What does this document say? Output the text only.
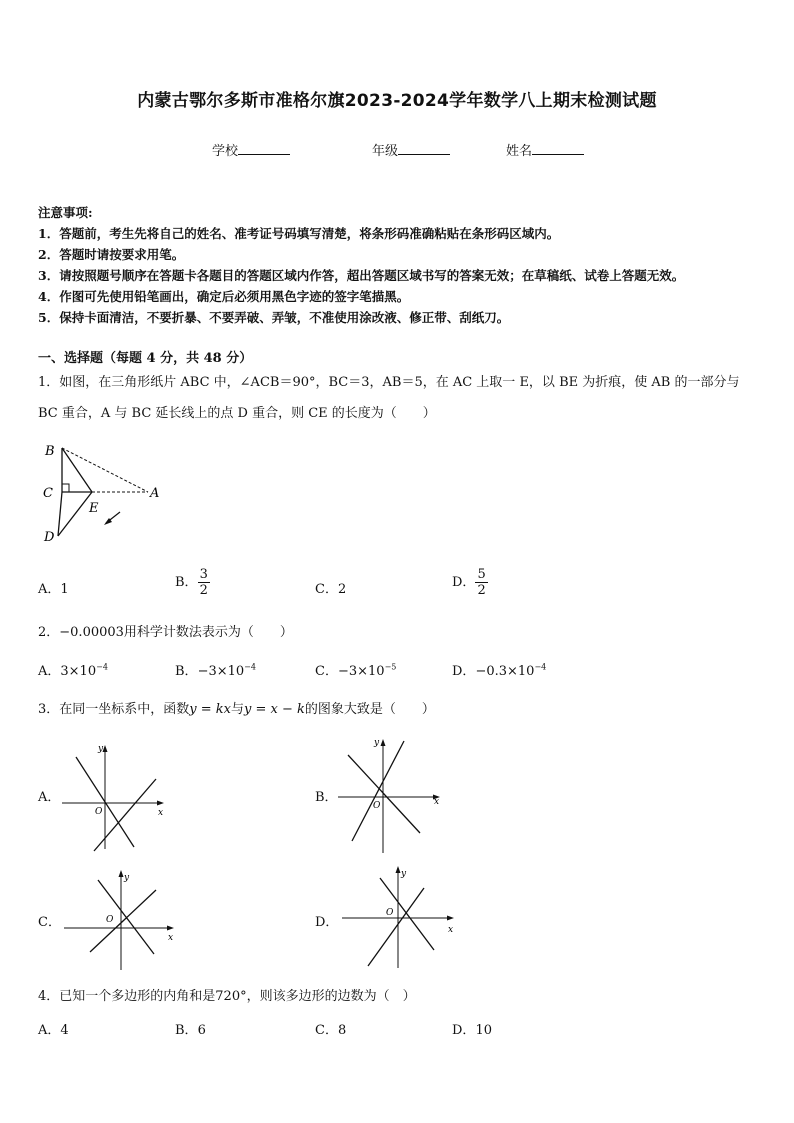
内蒙古鄂尔多斯市准格尔旗2023-2024学年数学八上期末检测试题
学校	年级	姓名
注意事项:
1．答题前，考生先将自己的姓名、准考证号码填写清楚，将条形码准确粘贴在条形码区域内。
2．答题时请按要求用笔。
3．请按照题号顺序在答题卡各题目的答题区域内作答，超出答题区域书写的答案无效；在草稿纸、试卷上答题无效。
4．作图可先使用铅笔画出，确定后必须用黑色字迹的签字笔描黑。
5．保持卡面清洁，不要折暴、不要弄破、弄皱，不准使用涂改液、修正带、刮纸刀。
一、选择题（每题 4 分，共 48 分）
1．如图，在三角形纸片 ABC 中，∠ACB＝90°，BC＝3，AB＝5，在 AC 上取一 E，以 BE 为折痕，使 AB 的一部分与
BC 重合，A 与 BC 延长线上的点 D 重合，则 CE 的长度为（　　）
B
C	A
E
D
A．1	B． $\frac{3}{2}$	C．2	D． $\frac{5}{2}$
2．−0.00003用科学计数法表示为（　　）
A．$3\times 10^{-4}$	B．$-3\times 10^{-4}$	C．$-3\times 10^{-5}$	D．$-0.3\times 10^{-4}$
3．在同一坐标系中，函数y = kx与y = x − k的图象大致是（　　）
A．
O	x
y
B．
O	x
y
C．	O
x
y
D．
O
x
y
4．已知一个多边形的内角和是720°，则该多边形的边数为（　）
A．4	B．6	C．8	D．10
